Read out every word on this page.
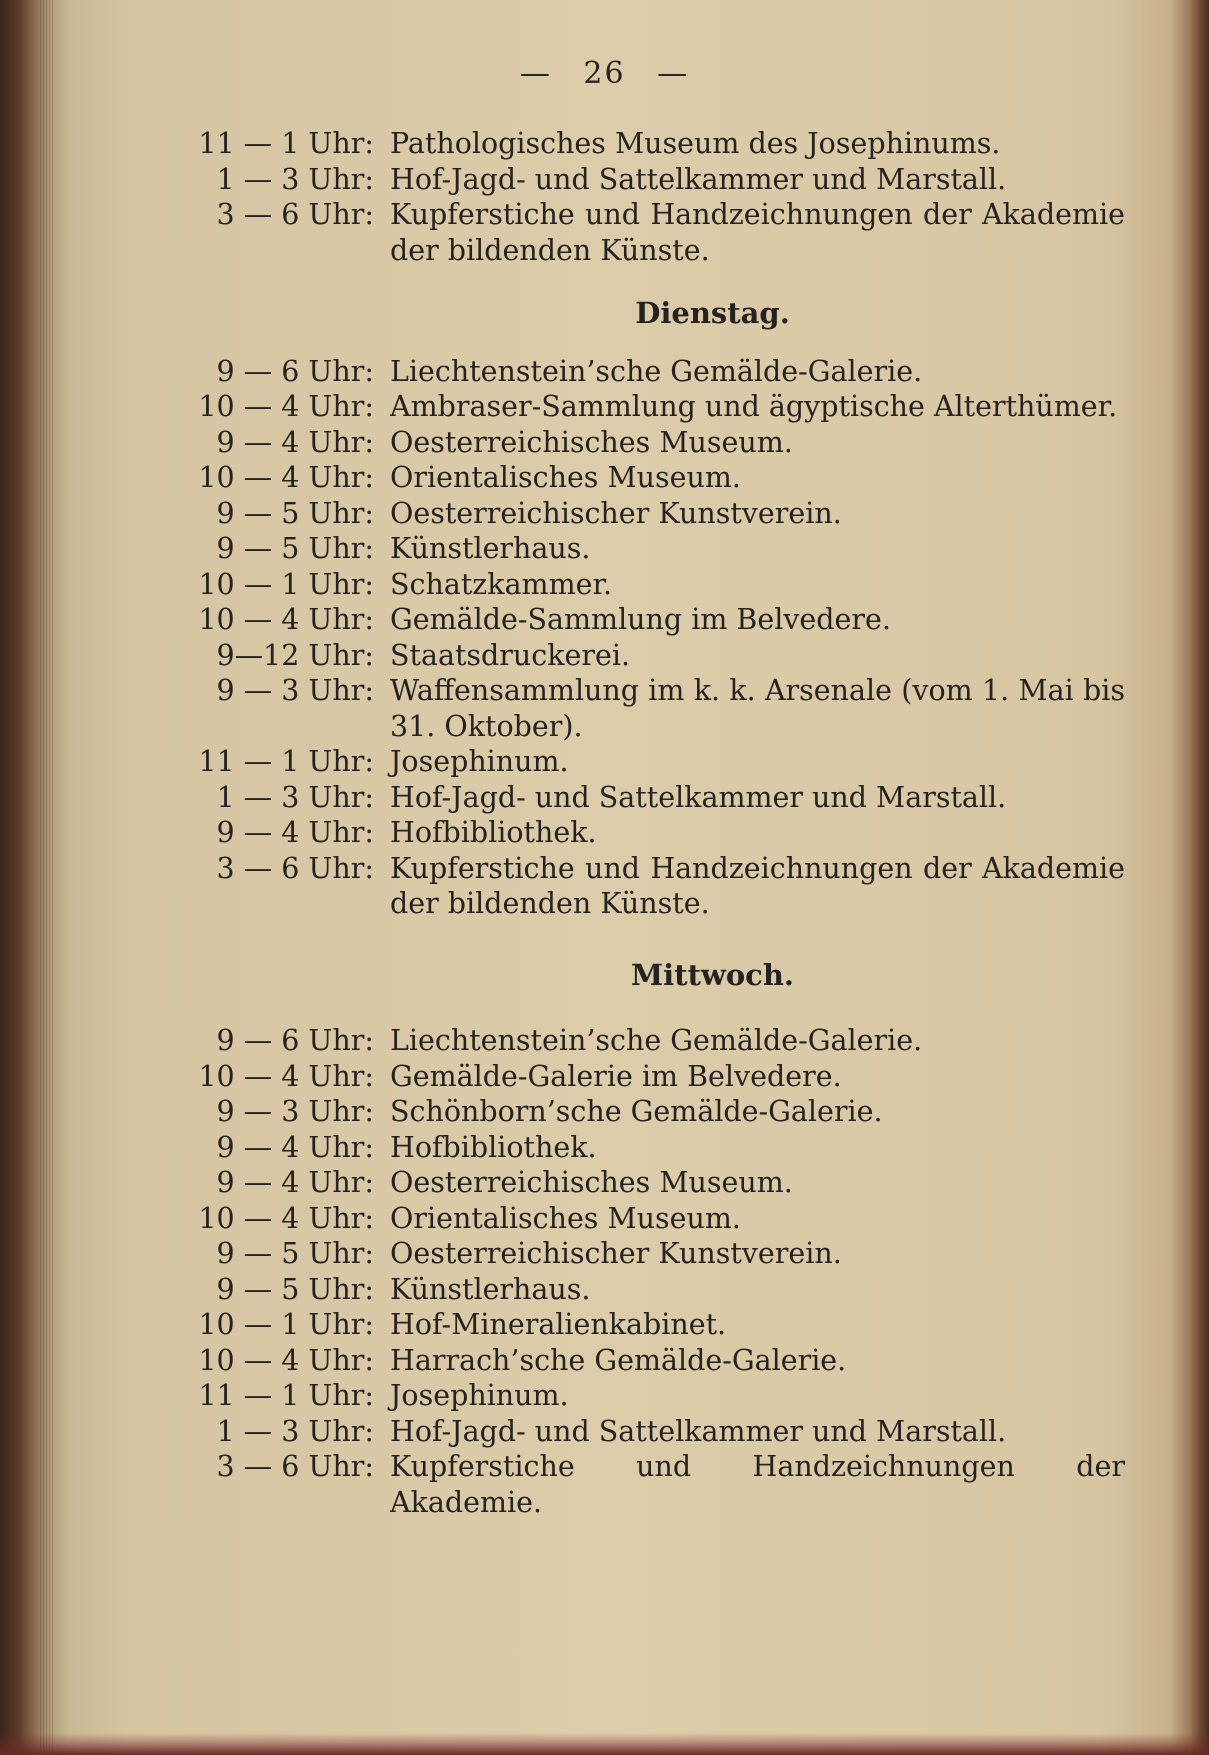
— 26 —
11 — 1 Uhr: Pathologisches Museum des Josephinums.
1 — 3 Uhr: Hof-Jagd- und Sattelkammer und Marstall.
3 — 6 Uhr: Kupferstiche und Handzeichnungen der Akademie der bildenden Künste.
Dienstag.
9 — 6 Uhr: Liechtenstein’sche Gemälde-Galerie.
10 — 4 Uhr: Ambraser-Sammlung und ägyptische Alterthümer.
9 — 4 Uhr: Oesterreichisches Museum.
10 — 4 Uhr: Orientalisches Museum.
9 — 5 Uhr: Oesterreichischer Kunstverein.
9 — 5 Uhr: Künstlerhaus.
10 — 1 Uhr: Schatzkammer.
10 — 4 Uhr: Gemälde-Sammlung im Belvedere.
9—12 Uhr: Staatsdruckerei.
9 — 3 Uhr: Waffensammlung im k. k. Arsenale (vom 1. Mai bis 31. Oktober).
11 — 1 Uhr: Josephinum.
1 — 3 Uhr: Hof-Jagd- und Sattelkammer und Marstall.
9 — 4 Uhr: Hofbibliothek.
3 — 6 Uhr: Kupferstiche und Handzeichnungen der Akademie der bildenden Künste.
Mittwoch.
9 — 6 Uhr: Liechtenstein’sche Gemälde-Galerie.
10 — 4 Uhr: Gemälde-Galerie im Belvedere.
9 — 3 Uhr: Schönborn’sche Gemälde-Galerie.
9 — 4 Uhr: Hofbibliothek.
9 — 4 Uhr: Oesterreichisches Museum.
10 — 4 Uhr: Orientalisches Museum.
9 — 5 Uhr: Oesterreichischer Kunstverein.
9 — 5 Uhr: Künstlerhaus.
10 — 1 Uhr: Hof-Mineralienkabinet.
10 — 4 Uhr: Harrach’sche Gemälde-Galerie.
11 — 1 Uhr: Josephinum.
1 — 3 Uhr: Hof-Jagd- und Sattelkammer und Marstall.
3 — 6 Uhr: Kupferstiche und Handzeichnungen der Akademie.
